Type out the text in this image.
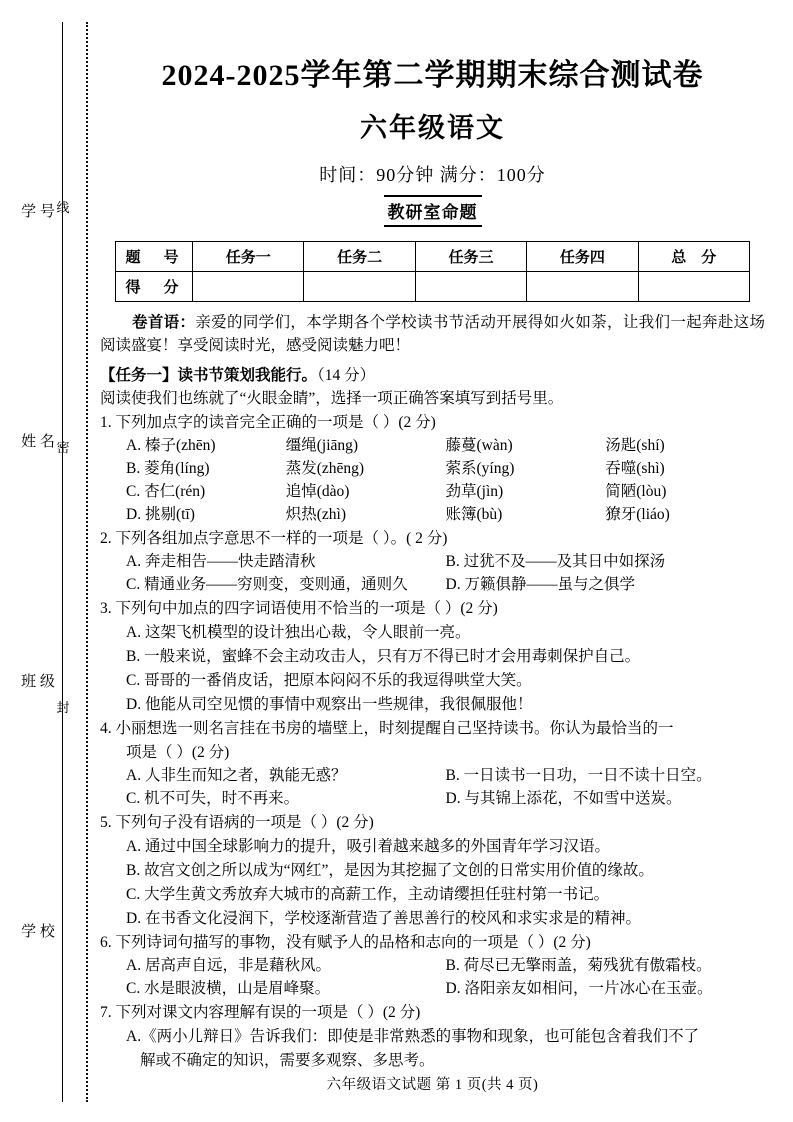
学 号
线
封
密
姓 名
班 级
学 校
2024-2025学年第二学期期末综合测试卷
六年级语文
时间：90分钟 满分：100分
教研室命题
题　号	任务一	任务二	任务三	任务四	总　分
得　分					
卷首语：亲爱的同学们，本学期各个学校读书节活动开展得如火如荼，让我们一起奔赴这场阅读盛宴！享受阅读时光，感受阅读魅力吧！
【任务一】读书节策划我能行。（14 分）
阅读使我们也练就了“火眼金睛”，选择一项正确答案填写到括号里。
1. 下列加点字的读音完全正确的一项是（ ）(2 分)
A. 榛子(zhēn)	缰绳(jiāng)	藤蔓(wàn)	汤匙(shí)
B. 菱角(líng)	蒸发(zhēng)	萦系(yíng)	吞噬(shì)
C. 杏仁(rén)	追悼(dào)	劲草(jìn)	简陋(lòu)
D. 挑剔(tī)	炽热(zhì)	账簿(bù)	獠牙(liáo)
2. 下列各组加点字意思不一样的一项是（ ）。( 2 分)
A. 奔走相告——快走踏清秋	B. 过犹不及——及其日中如探汤
C. 精通业务——穷则变，变则通，通则久	D. 万籁俱静——虽与之俱学
3. 下列句中加点的四字词语使用不恰当的一项是（ ）(2 分)
A. 这架飞机模型的设计独出心裁，令人眼前一亮。
B. 一般来说，蜜蜂不会主动攻击人，只有万不得已时才会用毒刺保护自己。
C. 哥哥的一番俏皮话，把原本闷闷不乐的我逗得哄堂大笑。
D. 他能从司空见惯的事情中观察出一些规律，我很佩服他！
4. 小丽想选一则名言挂在书房的墙壁上，时刻提醒自己坚持读书。你认为最恰当的一
项是（ ）(2 分)
A. 人非生而知之者，孰能无惑？	B. 一日读书一日功，一日不读十日空。
C. 机不可失，时不再来。	D. 与其锦上添花，不如雪中送炭。
5. 下列句子没有语病的一项是（ ）(2 分)
A. 通过中国全球影响力的提升，吸引着越来越多的外国青年学习汉语。
B. 故宫文创之所以成为“网红”，是因为其挖掘了文创的日常实用价值的缘故。
C. 大学生黄文秀放弃大城市的高薪工作，主动请缨担任驻村第一书记。
D. 在书香文化浸润下，学校逐渐营造了善思善行的校风和求实求是的精神。
6. 下列诗词句描写的事物，没有赋予人的品格和志向的一项是（ ）(2 分)
A. 居高声自远，非是藉秋风。	B. 荷尽已无擎雨盖，菊残犹有傲霜枝。
C. 水是眼波横，山是眉峰聚。	D. 洛阳亲友如相问，一片冰心在玉壶。
7. 下列对课文内容理解有误的一项是（ ）(2 分)
A.《两小儿辩日》告诉我们：即使是非常熟悉的事物和现象，也可能包含着我们不了
解或不确定的知识，需要多观察、多思考。
六年级语文试题 第 1 页(共 4 页)
